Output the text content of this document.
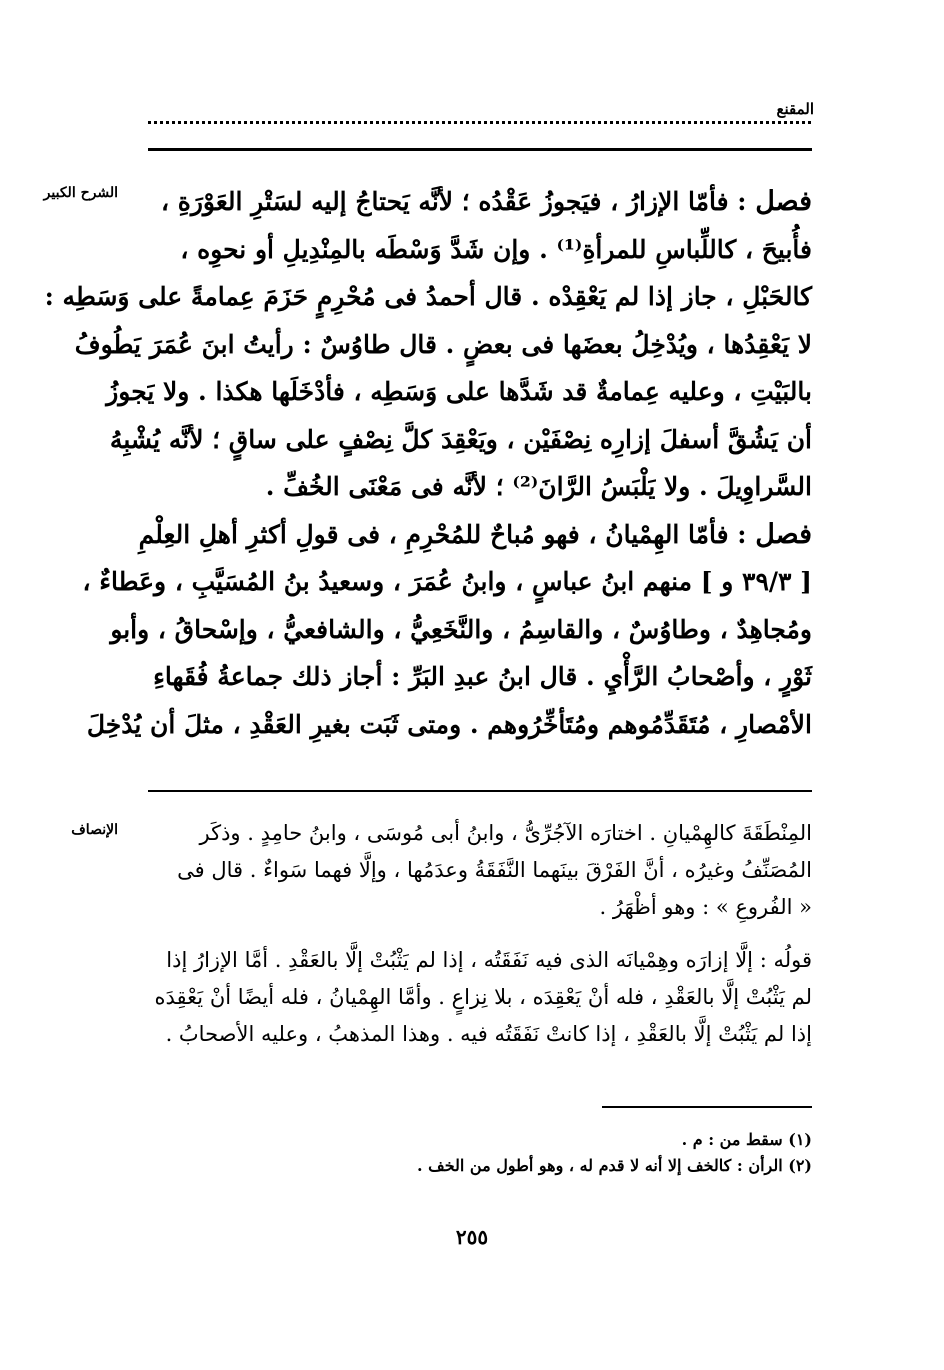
المقنع
الشرح الكبير
الإنصاف
فصل : فأمّا الإزارُ ، فيَجوزُ عَقْدُه ؛ لأنَّه يَحتاجُ إليه لسَتْرِ العَوْرَةِ ،
فأُبيحَ ، كاللِّباسِ للمرأةِ⁽¹⁾ . وإن شَدَّ وَسْطَه بالمِنْدِيلِ أو نحوِه ،
كالحَبْلِ ، جاز إذا لم يَعْقِدْه . قال أحمدُ فى مُحْرِمٍ حَزَمَ عِمامةً على وَسَطِه :
لا يَعْقِدُها ، ويُدْخِلُ بعضَها فى بعضٍ . قال طاوُسٌ : رأيتُ ابنَ عُمَرَ يَطُوفُ
بالبَيْتِ ، وعليه عِمامةٌ قد شَدَّها على وَسَطِه ، فأدْخَلَها هكذا . ولا يَجوزُ
أن يَشُقَّ أسفلَ إزارِه نِصْفَيْن ، ويَعْقِدَ كلَّ نِصْفٍ على ساقٍ ؛ لأنَّه يُشْبِهُ
السَّراوِيلَ . ولا يَلْبَسُ الرَّانَ⁽²⁾ ؛ لأنَّه فى مَعْنَى الخُفِّ .
فصل : فأمّا الهِمْيانُ ، فهو مُباحٌ للمُحْرِمِ ، فى قولِ أكثرِ أهلِ العِلْمِ
[ ٣٩/٣ و ] منهم ابنُ عباسٍ ، وابنُ عُمَرَ ، وسعيدُ بنُ المُسَيَّبِ ، وعَطاءٌ ،
ومُجاهِدٌ ، وطاوُسٌ ، والقاسِمُ ، والنَّخَعِيُّ ، والشافعيُّ ، وإسْحاقُ ، وأبو
ثَوْرٍ ، وأصْحابُ الرَّأْيِ . قال ابنُ عبدِ البَرِّ : أجاز ذلك جماعةُ فُقَهاءِ
الأمْصارِ ، مُتَقَدِّمُوهم ومُتَأخِّرُوهم . ومتى ثَبَت بغيرِ العَقْدِ ، مثلَ أن يُدْخِلَ
المِنْطَقَةَ كالهِمْيانِ . اختارَه الآجُرِّىُّ ، وابنُ أبى مُوسَى ، وابنُ حامِدٍ . وذكَر
المُصَنِّفُ وغيرُه ، أنَّ الفَرْقَ بينَهما النَّفَقَةُ وعدَمُها ، وإلَّا فهما سَواءٌ . قال فى
« الفُروعِ » : وهو أظْهَرُ .
قولُه : إلَّا إزارَه وهِمْيانَه الذى فيه نَفَقَتُه ، إذا لم يَثْبُتْ إلَّا بالعَقْدِ . أمَّا الإزارُ إذا
لم يَثْبُتْ إلَّا بالعَقْدِ ، فله أنْ يَعْقِدَه ، بلا نِزاعٍ . وأمَّا الهِمْيانُ ، فله أيضًا أنْ يَعْقِدَه
إذا لم يَثْبُتْ إلَّا بالعَقْدِ ، إذا كانتْ نَفَقَتُه فيه . وهذا المذهبُ ، وعليه الأصحابُ .
(١) سقط من : م .
(٢) الرأن : كالخف إلا أنه لا قدم له ، وهو أطول من الخف .
٢٥٥
